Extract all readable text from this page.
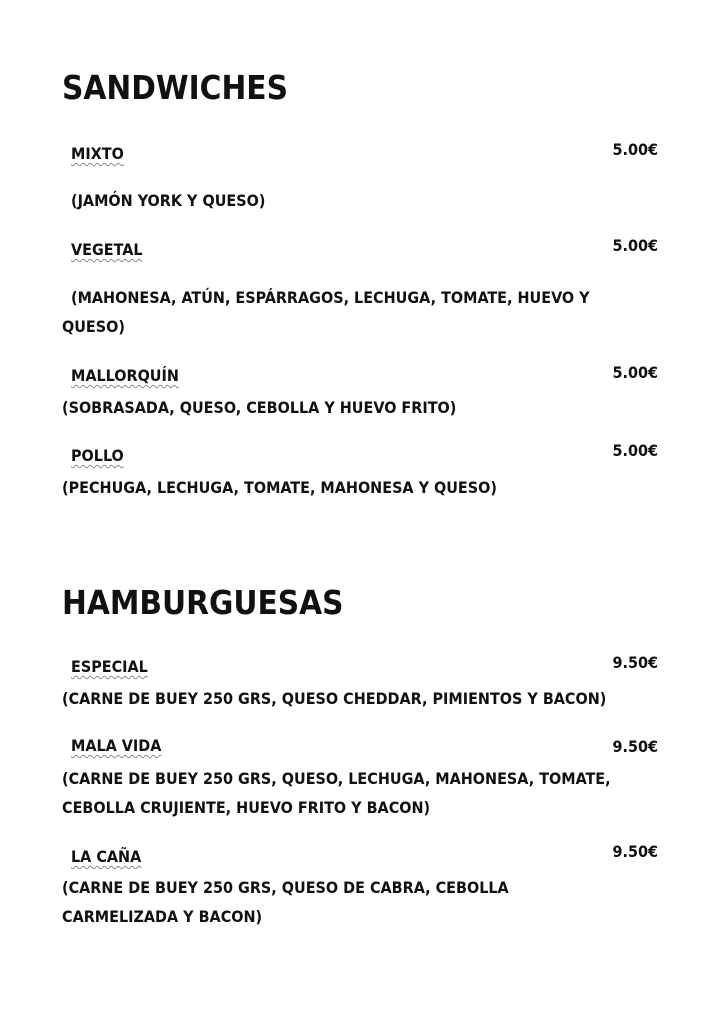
SANDWICHES
MIXTO	5.00€

(JAMÓN YORK Y QUESO)

VEGETAL	5.00€

(MAHONESA, ATÚN, ESPÁRRAGOS, LECHUGA, TOMATE, HUEVO Y QUESO)

MALLORQUÍN	5.00€

(SOBRASADA, QUESO, CEBOLLA Y HUEVO FRITO)

POLLO	5.00€

(PECHUGA, LECHUGA, TOMATE, MAHONESA Y QUESO)

HAMBURGUESAS
ESPECIAL	9.50€

(CARNE DE BUEY 250 GRS, QUESO CHEDDAR, PIMIENTOS Y BACON)

MALA VIDA	9.50€

(CARNE DE BUEY 250 GRS, QUESO, LECHUGA, MAHONESA, TOMATE, CEBOLLA CRUJIENTE, HUEVO FRITO Y BACON)

LA CAÑA	9.50€

(CARNE DE BUEY 250 GRS, QUESO DE CABRA, CEBOLLA CARMELIZADA Y BACON)
